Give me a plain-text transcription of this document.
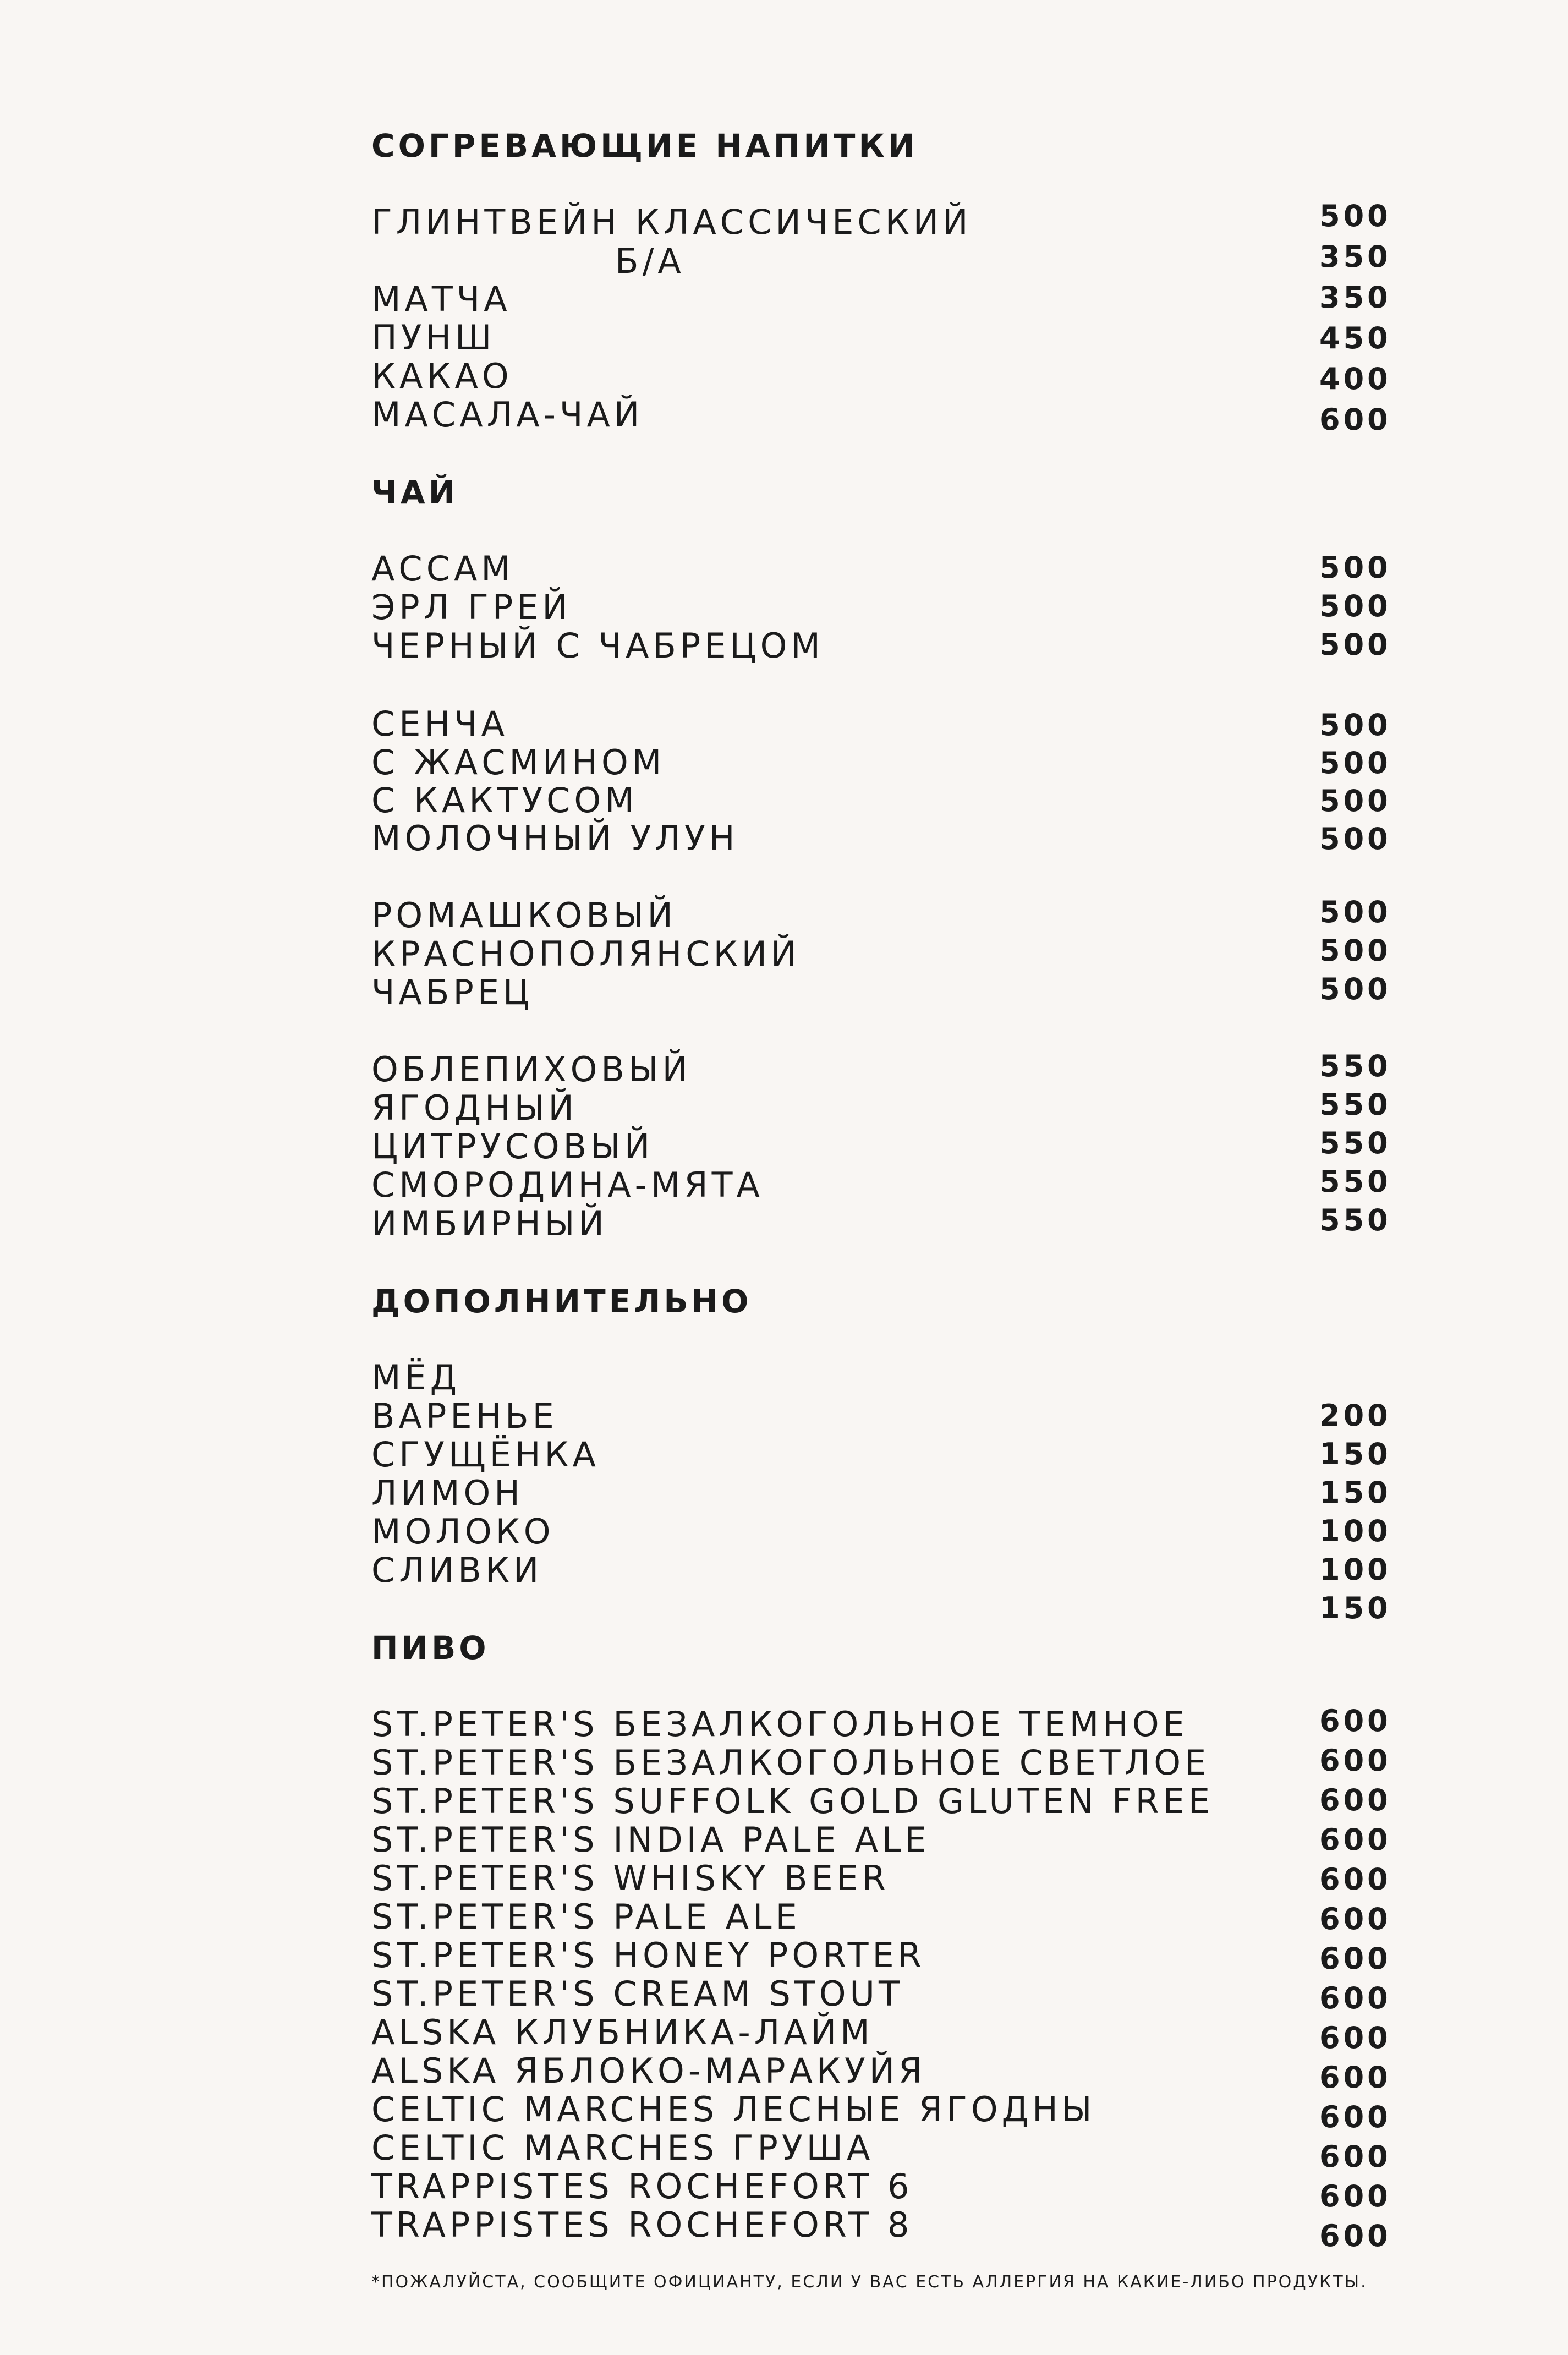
СОГРЕВАЮЩИЕ НАПИТКИ
ГЛИНТВЕЙН КЛАССИЧЕСКИЙ
Б/А
МАТЧА
ПУНШ
КАКАО
МАСАЛА-ЧАЙ
500
350
350
450
400
600
ЧАЙ
АССАМ
ЭРЛ ГРЕЙ
ЧЕРНЫЙ С ЧАБРЕЦОМ
500
500
500
СЕНЧА
С ЖАСМИНОМ
С КАКТУСОМ
МОЛОЧНЫЙ УЛУН
500
500
500
500
РОМАШКОВЫЙ
КРАСНОПОЛЯНСКИЙ
ЧАБРЕЦ
500
500
500
ОБЛЕПИХОВЫЙ
ЯГОДНЫЙ
ЦИТРУСОВЫЙ
СМОРОДИНА-МЯТА
ИМБИРНЫЙ
550
550
550
550
550
ДОПОЛНИТЕЛЬНО
МЁД
ВАРЕНЬЕ
СГУЩЁНКА
ЛИМОН
МОЛОКО
СЛИВКИ
200
150
150
100
100
150
ПИВО
ST.PETER'S БЕЗАЛКОГОЛЬНОЕ ТЕМНОЕ
ST.PETER'S БЕЗАЛКОГОЛЬНОЕ СВЕТЛОЕ
ST.PETER'S SUFFOLK GOLD GLUTEN FREE
ST.PETER'S INDIA PALE ALE
ST.PETER'S WHISKY BEER
ST.PETER'S PALE ALE
ST.PETER'S HONEY PORTER
ST.PETER'S CREAM STOUT
ALSKA КЛУБНИКА-ЛАЙМ
ALSKA ЯБЛОКО-МАРАКУЙЯ
CELTIC MARCHES ЛЕСНЫЕ ЯГОДНЫ
CELTIC MARCHES ГРУША
TRAPPISTES ROCHEFORT 6
TRAPPISTES ROCHEFORT 8
600
600
600
600
600
600
600
600
600
600
600
600
600
600
*ПОЖАЛУЙСТА, СООБЩИТЕ ОФИЦИАНТУ, ЕСЛИ У ВАС ЕСТЬ АЛЛЕРГИЯ НА КАКИЕ-ЛИБО ПРОДУКТЫ.
